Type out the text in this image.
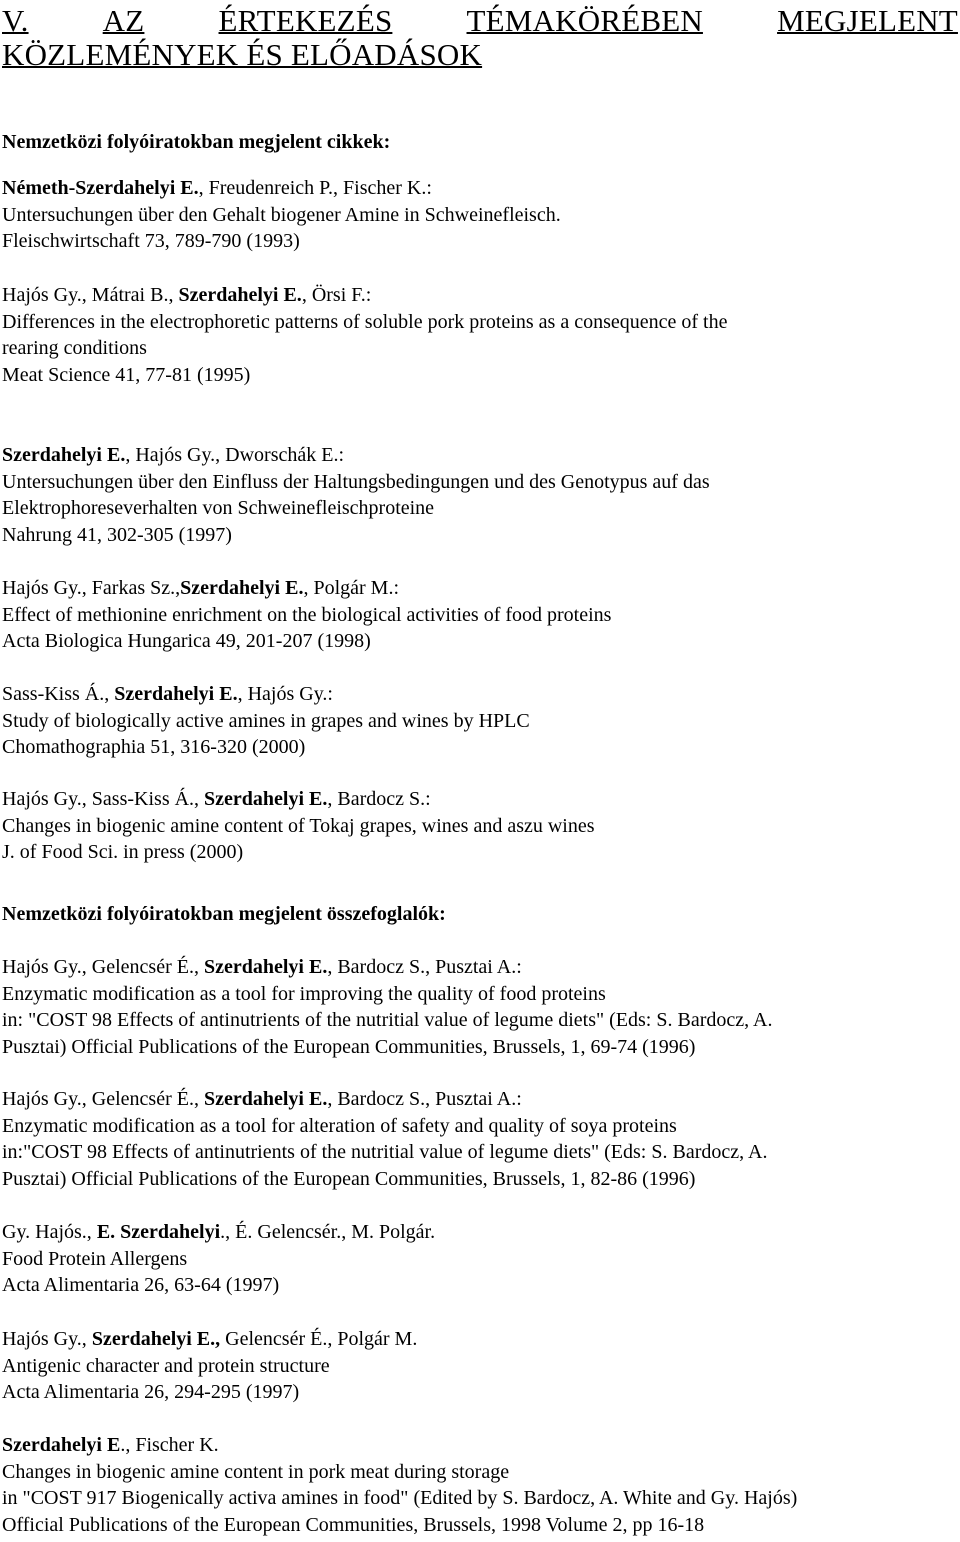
V. AZ ÉRTEKEZÉS TÉMAKÖRÉBEN MEGJELENT
KÖZLEMÉNYEK ÉS ELŐADÁSOK
Nemzetközi folyóiratokban megjelent cikkek:
Németh-Szerdahelyi E., Freudenreich P., Fischer K.:
Untersuchungen über den Gehalt biogener Amine in Schweinefleisch.
Fleischwirtschaft 73, 789-790 (1993)
Hajós Gy., Mátrai B., Szerdahelyi E., Örsi F.:
Differences in the electrophoretic patterns of soluble pork proteins as a consequence of the
rearing conditions
Meat Science 41, 77-81 (1995)
Szerdahelyi E., Hajós Gy., Dworschák E.:
Untersuchungen über den Einfluss der Haltungsbedingungen und des Genotypus auf das
Elektrophoreseverhalten von Schweinefleischproteine
Nahrung 41, 302-305 (1997)
Hajós Gy., Farkas Sz.,Szerdahelyi E., Polgár M.:
Effect of methionine enrichment on the biological activities of food proteins
Acta Biologica Hungarica 49, 201-207 (1998)
Sass-Kiss Á., Szerdahelyi E., Hajós Gy.:
Study of biologically active amines in grapes and wines by HPLC
Chomathographia 51, 316-320 (2000)
Hajós Gy., Sass-Kiss Á., Szerdahelyi E., Bardocz S.:
Changes in biogenic amine content of Tokaj grapes, wines and aszu wines
J. of Food Sci. in press (2000)
Nemzetközi folyóiratokban megjelent összefoglalók:
Hajós Gy., Gelencsér É., Szerdahelyi E., Bardocz S., Pusztai A.:
Enzymatic modification as a tool for improving the quality of food proteins
in: "COST 98 Effects of antinutrients of the nutritial value of legume diets" (Eds: S. Bardocz, A.
Pusztai) Official Publications of the European Communities, Brussels, 1, 69-74 (1996)
Hajós Gy., Gelencsér É., Szerdahelyi E., Bardocz S., Pusztai A.:
Enzymatic modification as a tool for alteration of safety and quality of soya proteins
in:"COST 98 Effects of antinutrients of the nutritial value of legume diets" (Eds: S. Bardocz, A.
Pusztai) Official Publications of the European Communities, Brussels, 1, 82-86 (1996)
Gy. Hajós., E. Szerdahelyi., É. Gelencsér., M. Polgár.
Food Protein Allergens
Acta Alimentaria 26, 63-64 (1997)
Hajós Gy., Szerdahelyi E., Gelencsér É., Polgár M.
Antigenic character and protein structure
Acta Alimentaria 26, 294-295 (1997)
Szerdahelyi E., Fischer K.
Changes in biogenic amine content in pork meat during storage
in "COST 917 Biogenically activa amines in food" (Edited by S. Bardocz, A. White and Gy. Hajós)
Official Publications of the European Communities, Brussels, 1998 Volume 2, pp 16-18
